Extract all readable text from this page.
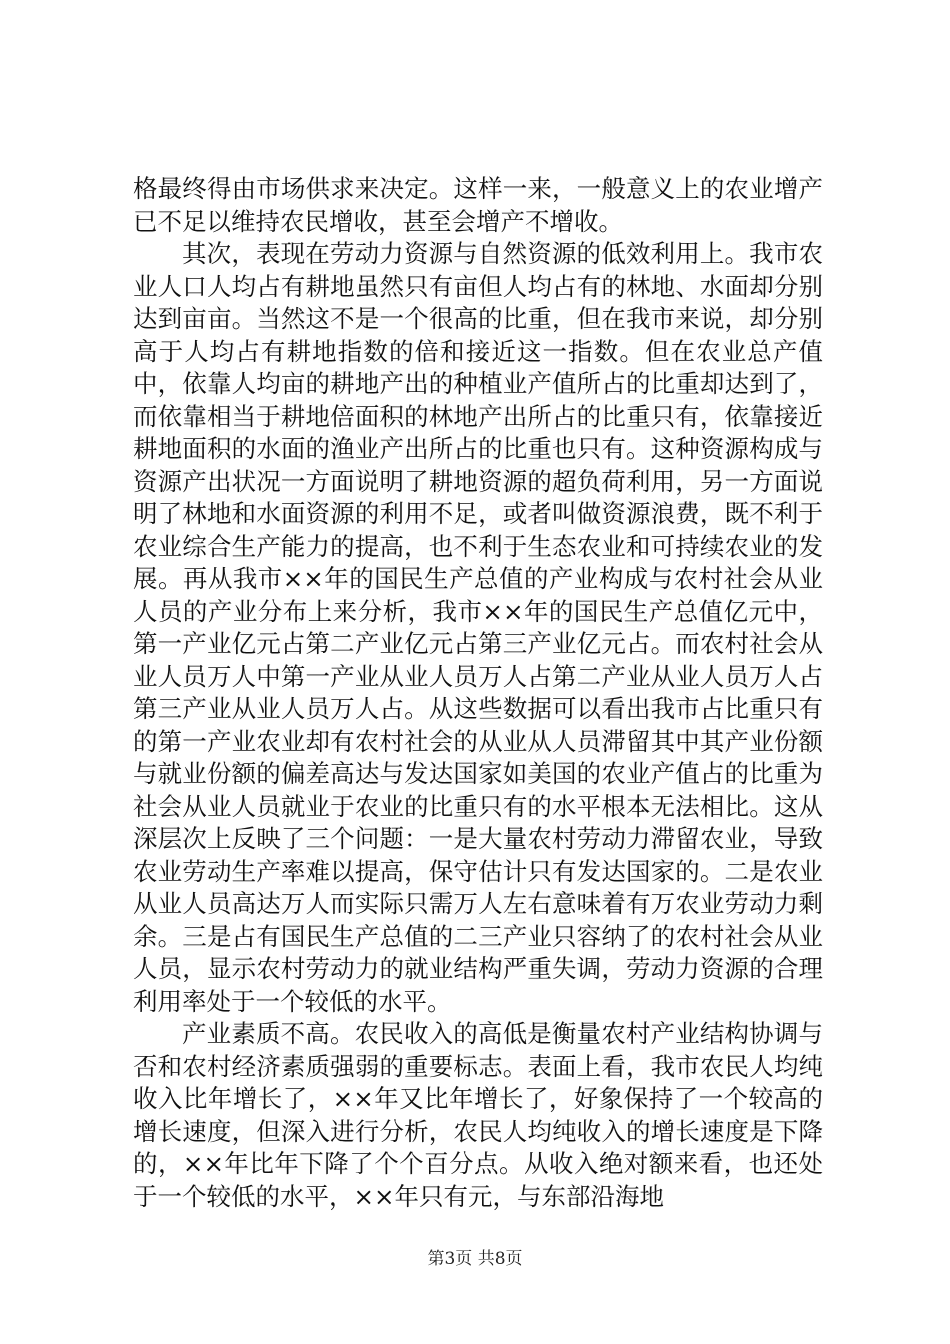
格最终得由市场供求来决定。这样一来，一般意义上的农业增产已不足以维持农民增收，甚至会增产不增收。

其次，表现在劳动力资源与自然资源的低效利用上。我市农业人口人均占有耕地虽然只有亩但人均占有的林地、水面却分别达到亩亩。当然这不是一个很高的比重，但在我市来说，却分别高于人均占有耕地指数的倍和接近这一指数。但在农业总产值中，依靠人均亩的耕地产出的种植业产值所占的比重却达到了，而依靠相当于耕地倍面积的林地产出所占的比重只有，依靠接近耕地面积的水面的渔业产出所占的比重也只有。这种资源构成与资源产出状况一方面说明了耕地资源的超负荷利用，另一方面说明了林地和水面资源的利用不足，或者叫做资源浪费，既不利于农业综合生产能力的提高，也不利于生态农业和可持续农业的发展。再从我市××年的国民生产总值的产业构成与农村社会从业人员的产业分布上来分析，我市××年的国民生产总值亿元中，第一产业亿元占第二产业亿元占第三产业亿元占。而农村社会从业人员万人中第一产业从业人员万人占第二产业从业人员万人占第三产业从业人员万人占。从这些数据可以看出我市占比重只有的第一产业农业却有农村社会的从业从人员滞留其中其产业份额与就业份额的偏差高达与发达国家如美国的农业产值占的比重为社会从业人员就业于农业的比重只有的水平根本无法相比。这从深层次上反映了三个问题：一是大量农村劳动力滞留农业，导致农业劳动生产率难以提高，保守估计只有发达国家的。二是农业从业人员高达万人而实际只需万人左右意味着有万农业劳动力剩余。三是占有国民生产总值的二三产业只容纳了的农村社会从业人员，显示农村劳动力的就业结构严重失调，劳动力资源的合理利用率处于一个较低的水平。

产业素质不高。农民收入的高低是衡量农村产业结构协调与否和农村经济素质强弱的重要标志。表面上看，我市农民人均纯收入比年增长了，××年又比年增长了，好象保持了一个较高的增长速度，但深入进行分析，农民人均纯收入的增长速度是下降的，××年比年下降了个个百分点。从收入绝对额来看，也还处于一个较低的水平，××年只有元，与东部沿海地

第3页 共8页
